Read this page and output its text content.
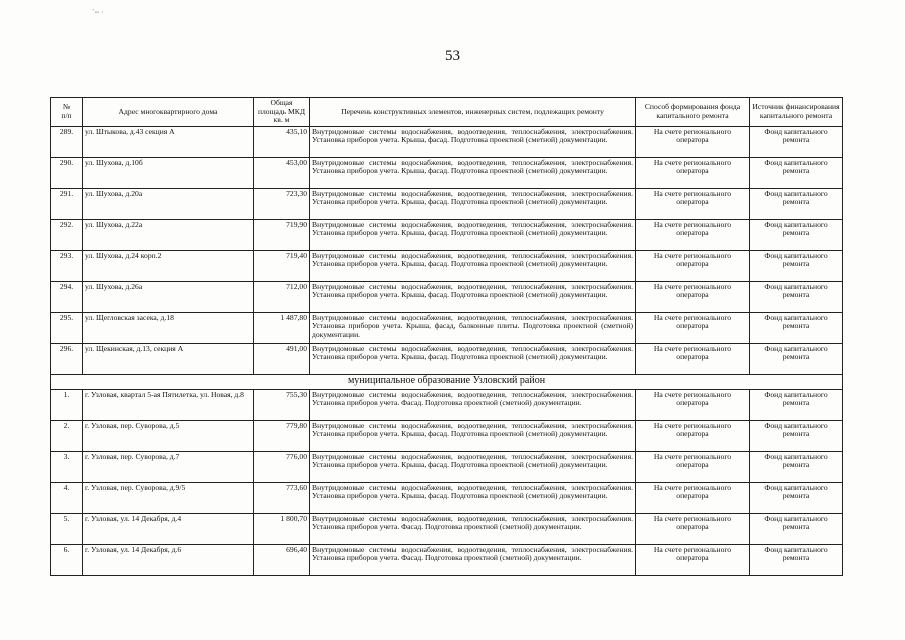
`~ ·
53
№
п/п	Адрес многоквартирного дома	Общая площадь МКД кв. м	Перечень конструктивных элементов, инженерных систем, подлежащих ремонту	Способ формирования фонда капитального ремонта	Источник финансирования капитального ремонта
289.	ул. Штыкова, д.43 секция А	435,10	Внутридомовые системы водоснабжения, водоотведения, теплоснабжения, электроснабжения. Установка приборов учета. Крыша, фасад. Подготовка проектной (сметной) документации.	На счете регионального оператора	Фонд капитального ремонта
290.	ул. Шухова, д.10б	453,00	Внутридомовые системы водоснабжения, водоотведения, теплоснабжения, электроснабжения. Установка приборов учета. Крыша, фасад. Подготовка проектной (сметной) документации.	На счете регионального оператора	Фонд капитального ремонта
291.	ул. Шухова, д.20а	723,30	Внутридомовые системы водоснабжения, водоотведения, теплоснабжения, электроснабжения. Установка приборов учета. Крыша, фасад. Подготовка проектной (сметной) документации.	На счете регионального оператора	Фонд капитального ремонта
292.	ул. Шухова, д.22а	719,90	Внутридомовые системы водоснабжения, водоотведения, теплоснабжения, электроснабжения. Установка приборов учета. Крыша, фасад. Подготовка проектной (сметной) документации.	На счете регионального оператора	Фонд капитального ремонта
293.	ул. Шухова, д.24 корп.2	719,40	Внутридомовые системы водоснабжения, водоотведения, теплоснабжения, электроснабжения. Установка приборов учета. Крыша, фасад. Подготовка проектной (сметной) документации.	На счете регионального оператора	Фонд капитального ремонта
294.	ул. Шухова, д.26а	712,00	Внутридомовые системы водоснабжения, водоотведения, теплоснабжения, электроснабжения. Установка приборов учета. Крыша, фасад. Подготовка проектной (сметной) документации.	На счете регионального оператора	Фонд капитального ремонта
295.	ул. Щегловская засека, д.18	1 487,80	Внутридомовые системы водоснабжения, водоотведения, теплоснабжения, электроснабжения. Установка приборов учета. Крыша, фасад, балконные плиты. Подготовка проектной (сметной) документации.	На счете регионального оператора	Фонд капитального ремонта
296.	ул. Щекинская, д.13, секция А	491,00	Внутридомовые системы водоснабжения, водоотведения, теплоснабжения, электроснабжения. Установка приборов учета. Крыша, фасад. Подготовка проектной (сметной) документации.	На счете регионального оператора	Фонд капитального ремонта
муниципальное образование Узловский район					
1.	г. Узловая, квартал 5-ая Пятилетка, ул. Новая, д.8	755,30	Внутридомовые системы водоснабжения, водоотведения, теплоснабжения, электроснабжения. Установка приборов учета. Фасад. Подготовка проектной (сметной) документации.	На счете регионального оператора	Фонд капитального ремонта
2.	г. Узловая, пер. Суворова, д.5	779,80	Внутридомовые системы водоснабжения, водоотведения, теплоснабжения, электроснабжения. Установка приборов учета. Крыша, фасад. Подготовка проектной (сметной) документации.	На счете регионального оператора	Фонд капитального ремонта
3.	г. Узловая, пер. Суворова, д.7	776,00	Внутридомовые системы водоснабжения, водоотведения, теплоснабжения, электроснабжения. Установка приборов учета. Крыша, фасад. Подготовка проектной (сметной) документации.	На счете регионального оператора	Фонд капитального ремонта
4.	г. Узловая, пер. Суворова, д.9/5	773,60	Внутридомовые системы водоснабжения, водоотведения, теплоснабжения, электроснабжения. Установка приборов учета. Крыша, фасад. Подготовка проектной (сметной) документации.	На счете регионального оператора	Фонд капитального ремонта
5.	г. Узловая, ул. 14 Декабря, д.4	1 800,70	Внутридомовые системы водоснабжения, водоотведения, теплоснабжения, электроснабжения. Установка приборов учета. Фасад. Подготовка проектной (сметной) документации.	На счете регионального оператора	Фонд капитального ремонта
6.	г. Узловая, ул. 14 Декабря, д.6	696,40	Внутридомовые системы водоснабжения, водоотведения, теплоснабжения, электроснабжения. Установка приборов учета. Фасад. Подготовка проектной (сметной) документации.	На счете регионального оператора	Фонд капитального ремонта
